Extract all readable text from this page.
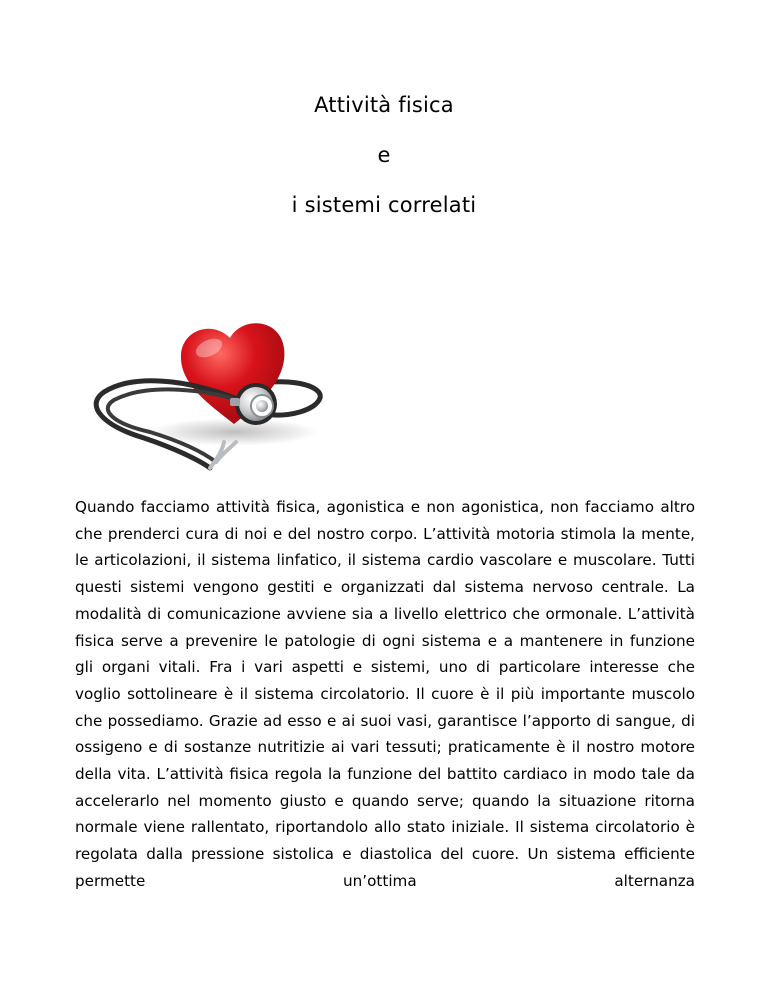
Attività fisica
e
i sistemi correlati

Quando facciamo attività fisica, agonistica e non agonistica, non facciamo altro che prenderci cura di noi e del nostro corpo. L’attività motoria stimola la mente, le articolazioni, il sistema linfatico, il sistema cardio vascolare e muscolare. Tutti questi sistemi vengono gestiti e organizzati dal sistema nervoso centrale. La modalità di comunicazione avviene sia a livello elettrico che ormonale. L’attività fisica serve a prevenire le patologie di ogni sistema e a mantenere in funzione gli organi vitali. Fra i vari aspetti e sistemi, uno di particolare interesse che voglio sottolineare è il sistema circolatorio. Il cuore è il più importante muscolo che possediamo. Grazie ad esso e ai suoi vasi, garantisce l’apporto di sangue, di ossigeno e di sostanze nutritizie ai vari tessuti; praticamente è il nostro motore della vita. L’attività fisica regola la funzione del battito cardiaco in modo tale da accelerarlo nel momento giusto e quando serve; quando la situazione ritorna normale viene rallentato, riportandolo allo stato iniziale. Il sistema circolatorio è regolata dalla pressione sistolica e diastolica del cuore. Un sistema efficiente permette un’ottima alternanza
